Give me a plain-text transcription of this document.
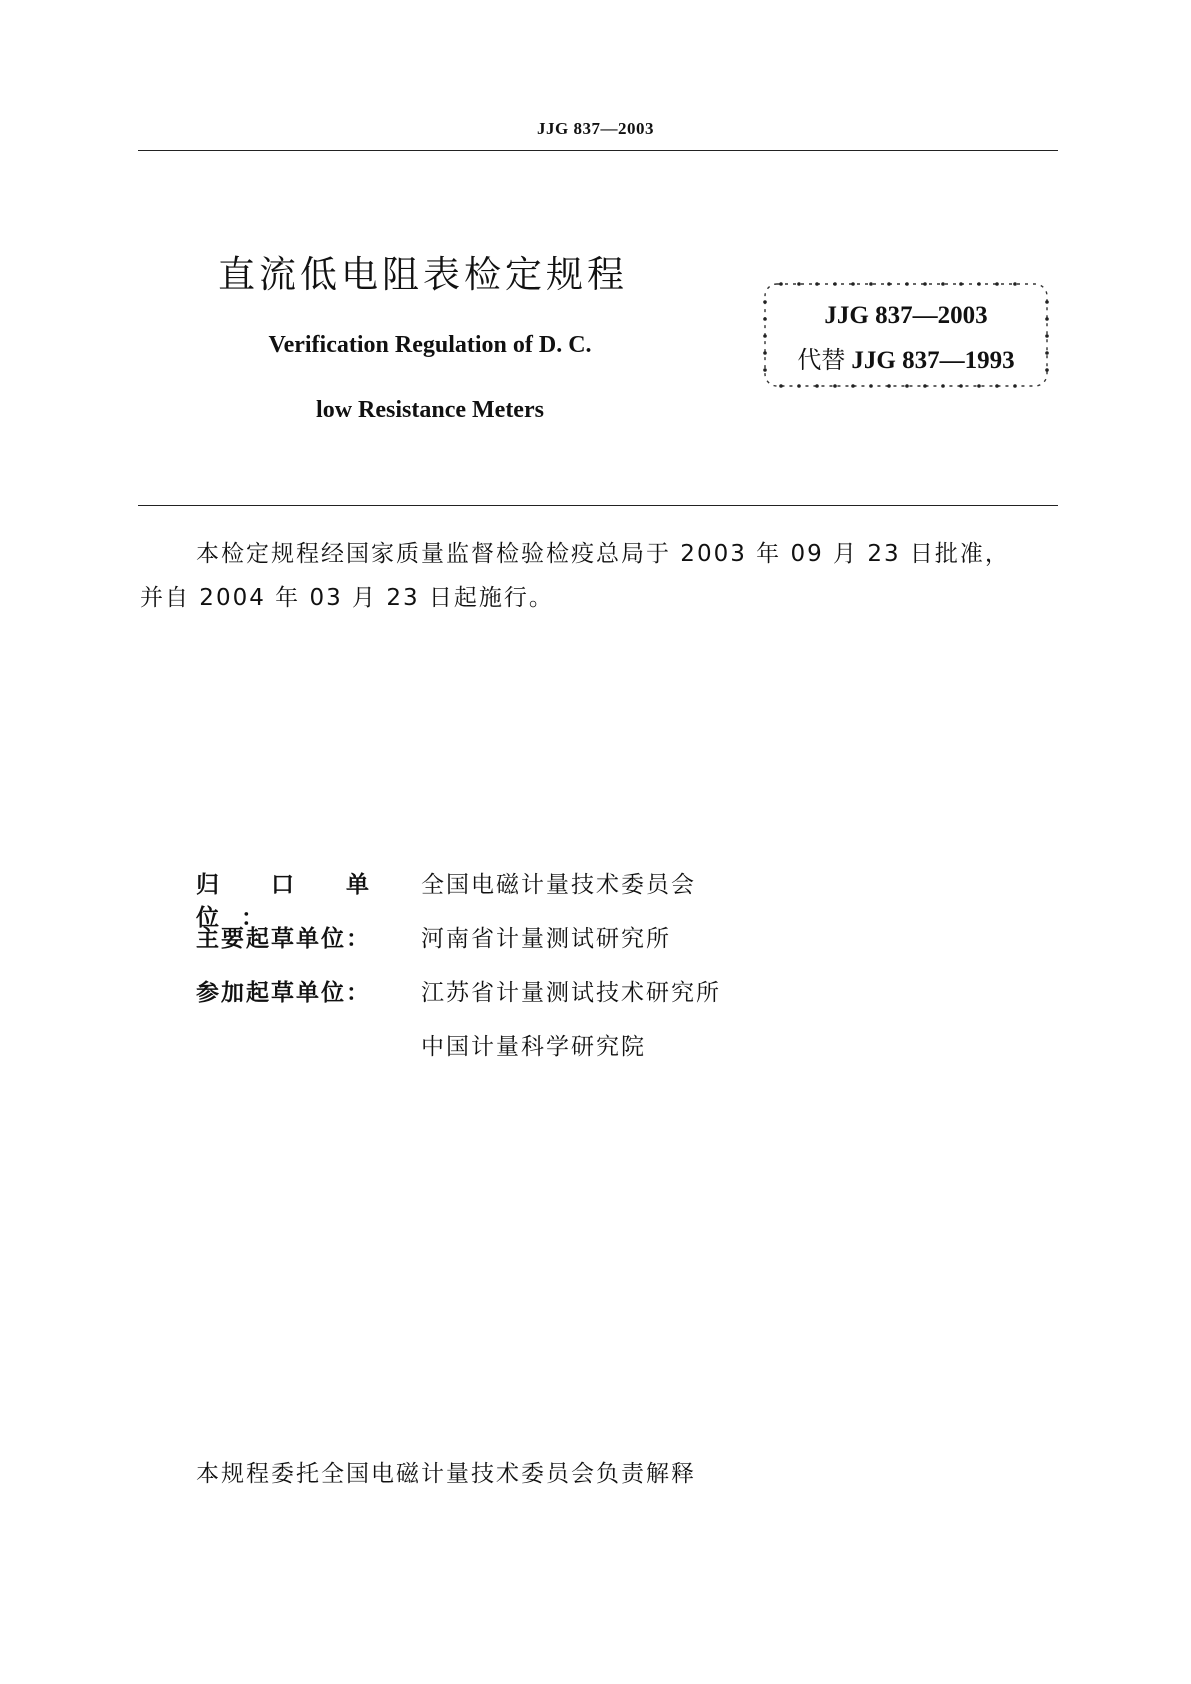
JJG 837—2003
直流低电阻表检定规程
Verification Regulation of D. C.
low Resistance Meters
JJG 837—2003
代替 JJG 837—1993
本检定规程经国家质量监督检验检疫总局于 2003 年 09 月 23 日批准，
并自 2004 年 03 月 23 日起施行。
归 口 单 位：
全国电磁计量技术委员会
主要起草单位：	河南省计量测试研究所
参加起草单位：	江苏省计量测试技术研究所
中国计量科学研究院
本规程委托全国电磁计量技术委员会负责解释
